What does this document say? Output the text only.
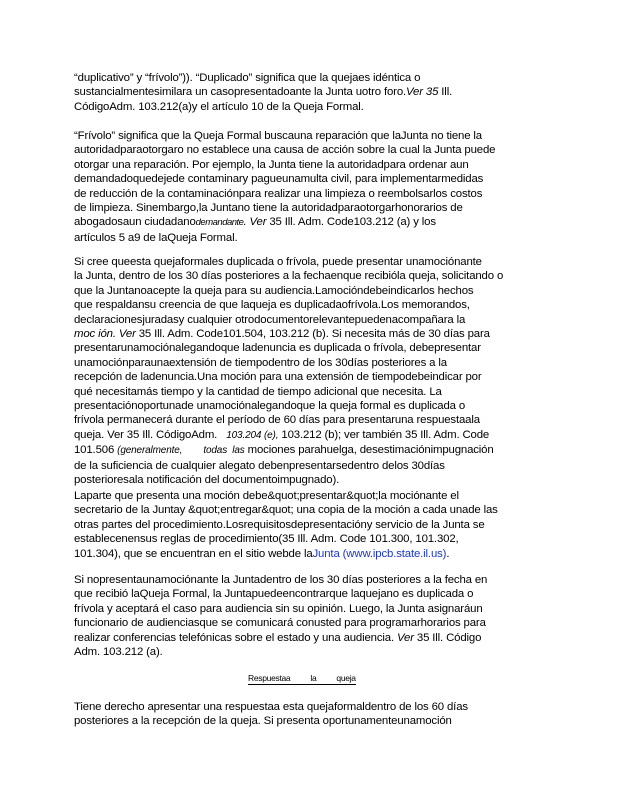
“duplicativo” y “frívolo”)). “Duplicado” significa que la quejaes idéntica o
sustancialmentesimilara un casopresentadoante la Junta uotro foro.Ver 35 Ill.
CódigoAdm. 103.212(a)y el artículo 10 de la Queja Formal.
“Frívolo” significa que la Queja Formal buscauna reparación que laJunta no tiene la
autoridadparaotorgaro no establece una causa de acción sobre la cual la Junta puede
otorgar una reparación. Por ejemplo, la Junta tiene la autoridadpara ordenar aun
demandadoquedejede contaminary pagueunamulta civil, para implementarmedidas
de reducción de la contaminaciónpara realizar una limpieza o reembolsarlos costos
de limpieza. Sinembargo,la Juntano tiene la autoridadparaotorgarhonorarios de
abogadosaun ciudadanodemandante. Ver 35 Ill. Adm. Code103.212 (a) y los
artículos 5 a9 de laQueja Formal.
Si cree queesta quejaformales duplicada o frívola, puede presentar unamociónante
la Junta, dentro de los 30 días posteriores a la fechaenque recibióla queja, solicitando o
que la Juntanoacepte la queja para su audiencia.Lamocióndebeindicarlos hechos
que respaldansu creencia de que laqueja es duplicadaofrívola.Los memorandos,
declaracionesjuradasy cualquier otrodocumentorelevantepuedenacompañara la
moc ión. Ver 35 Ill. Adm. Code101.504, 103.212 (b). Si necesita más de 30 días para
presentarunamociónalegandoque ladenuncia es duplicada o frívola, debepresentar
unamociónparaunaextensión de tiempodentro de los 30días posteriores a la
recepción de ladenuncia.Una moción para una extensión de tiempodebeindicar por
qué necesitamás tiempo y la cantidad de tiempo adicional que necesita. La
presentaciónoportunade unamociónalegandoque la queja formal es duplicada o
frívola permanecerá durante el período de 60 días para presentaruna respuestaala
queja. Ver 35 Ill. CódigoAdm. 103.204 (e), 103.212 (b); ver también 35 Ill. Adm. Code
101.506 (generalmente,        todas  las mociones parahuelga, desestimaciónimpugnación
de la suficiencia de cualquier alegato debenpresentarsedentro delos 30días
posterioresala notificación del documentoimpugnado).
Laparte que presenta una moción debe&quot;presentar&quot;la mociónante el
secretario de la Juntay &quot;entregar&quot; una copia de la moción a cada unade las
otras partes del procedimiento.Losrequisitosdepresentacióny servicio de la Junta se
establecenensus reglas de procedimiento(35 Ill. Adm. Code 101.300, 101.302,
101.304), que se encuentran en el sitio webde laJunta (www.ipcb.state.il.us).
Si nopresentaunamociónante la Juntadentro de los 30 días posteriores a la fecha en
que recibió laQueja Formal, la Juntapuedeencontrarque laquejano es duplicada o
frívola y aceptará el caso para audiencia sin su opinión. Luego, la Junta asignaráun
funcionario de audienciasque se comunicará conusted para programarhorarios para
realizar conferencias telefónicas sobre el estado y una audiencia. Ver 35 Ill. Código
Adm. 103.212 (a).
Respuestaa la queja
Tiene derecho apresentar una respuestaa esta quejaformaldentro de los 60 días
posteriores a la recepción de la queja. Si presenta oportunamenteunamoción
